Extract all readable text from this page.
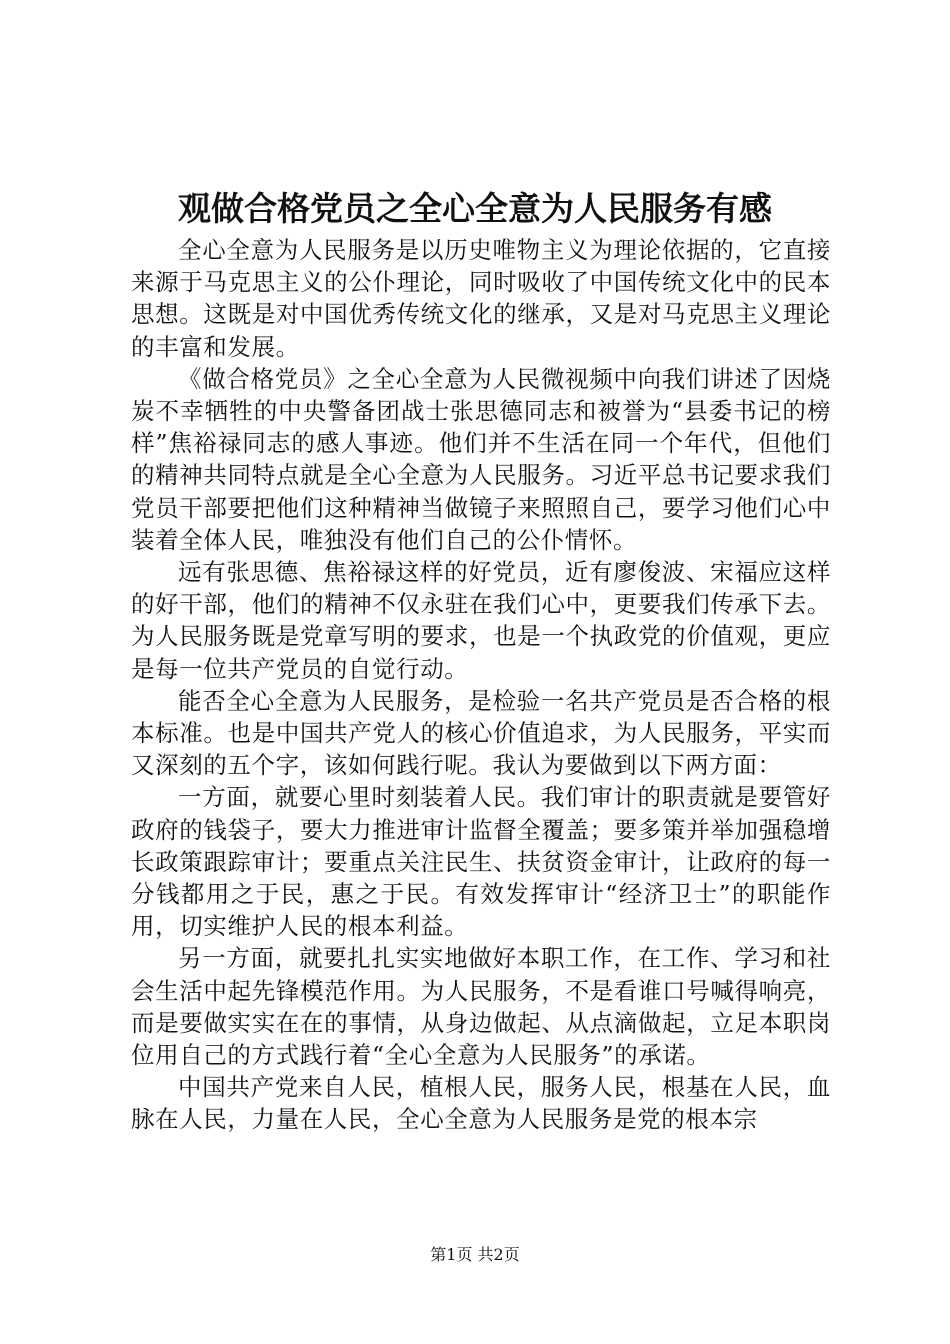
观做合格党员之全心全意为人民服务有感

全心全意为人民服务是以历史唯物主义为理论依据的，它直接来源于马克思主义的公仆理论，同时吸收了中国传统文化中的民本思想。这既是对中国优秀传统文化的继承，又是对马克思主义理论的丰富和发展。

《做合格党员》之全心全意为人民微视频中向我们讲述了因烧炭不幸牺牲的中央警备团战士张思德同志和被誉为“县委书记的榜样”焦裕禄同志的感人事迹。他们并不生活在同一个年代，但他们的精神共同特点就是全心全意为人民服务。习近平总书记要求我们党员干部要把他们这种精神当做镜子来照照自己，要学习他们心中装着全体人民，唯独没有他们自己的公仆情怀。

远有张思德、焦裕禄这样的好党员，近有廖俊波、宋福应这样的好干部，他们的精神不仅永驻在我们心中，更要我们传承下去。为人民服务既是党章写明的要求，也是一个执政党的价值观，更应是每一位共产党员的自觉行动。

能否全心全意为人民服务，是检验一名共产党员是否合格的根本标准。也是中国共产党人的核心价值追求，为人民服务，平实而又深刻的五个字，该如何践行呢。我认为要做到以下两方面：

一方面，就要心里时刻装着人民。我们审计的职责就是要管好政府的钱袋子，要大力推进审计监督全覆盖；要多策并举加强稳增长政策跟踪审计；要重点关注民生、扶贫资金审计，让政府的每一分钱都用之于民，惠之于民。有效发挥审计“经济卫士”的职能作用，切实维护人民的根本利益。

另一方面，就要扎扎实实地做好本职工作，在工作、学习和社会生活中起先锋模范作用。为人民服务，不是看谁口号喊得响亮，而是要做实实在在的事情，从身边做起、从点滴做起，立足本职岗位用自己的方式践行着“全心全意为人民服务”的承诺。

中国共产党来自人民，植根人民，服务人民，根基在人民，血脉在人民，力量在人民，全心全意为人民服务是党的根本宗

第1页 共2页
